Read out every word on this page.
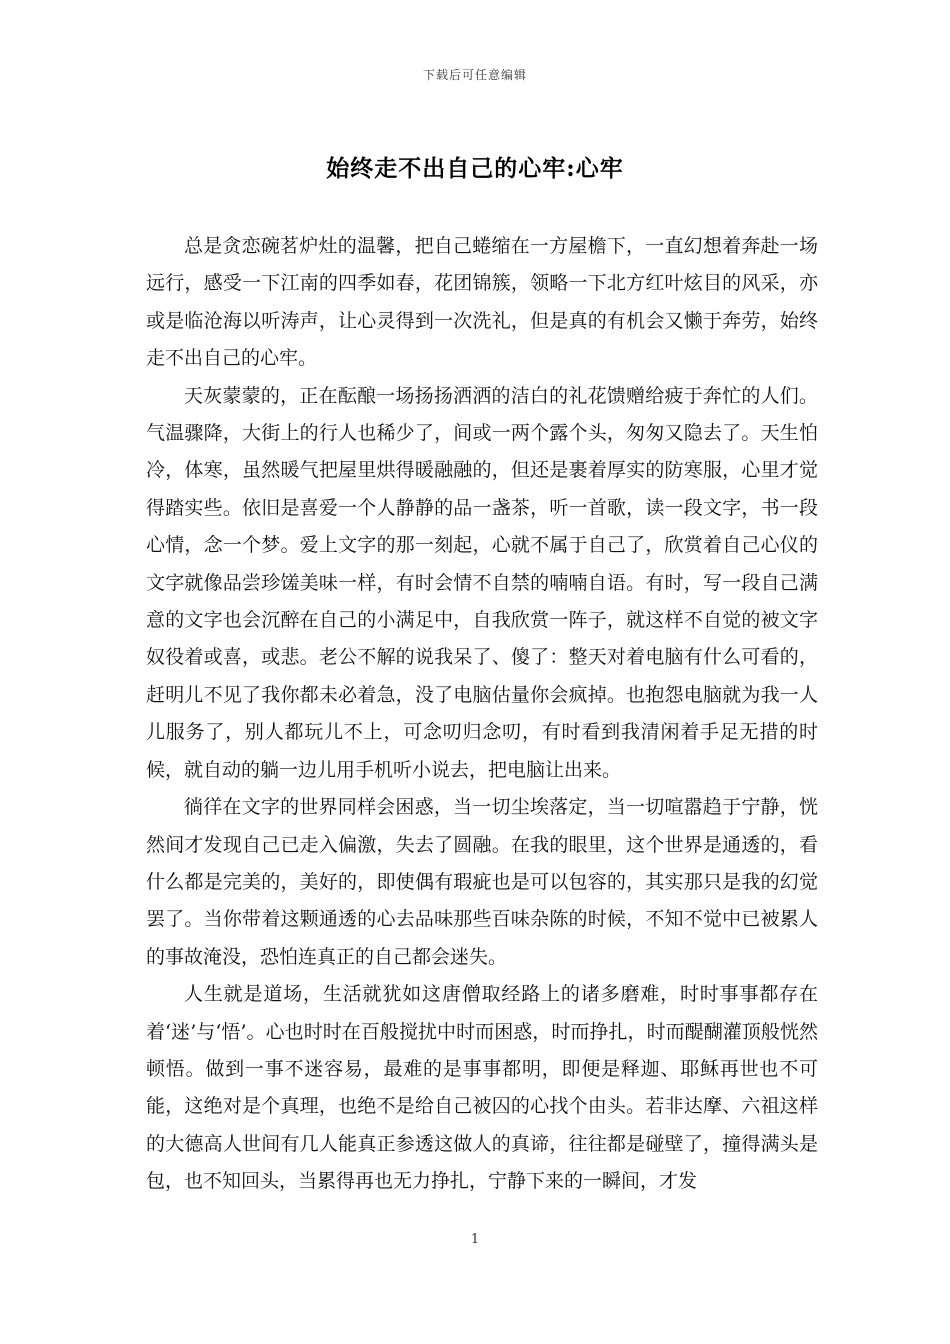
下载后可任意编辑
始终走不出自己的心牢:心牢

总是贪恋碗茗炉灶的温馨，把自己蜷缩在一方屋檐下，一直幻想着奔赴一场远行，感受一下江南的四季如春，花团锦簇，领略一下北方红叶炫目的风采，亦或是临沧海以听涛声，让心灵得到一次洗礼，但是真的有机会又懒于奔劳，始终走不出自己的心牢。

天灰蒙蒙的，正在酝酿一场扬扬洒洒的洁白的礼花馈赠给疲于奔忙的人们。气温骤降，大街上的行人也稀少了，间或一两个露个头，匆匆又隐去了。天生怕冷，体寒，虽然暖气把屋里烘得暖融融的，但还是裹着厚实的防寒服，心里才觉得踏实些。依旧是喜爱一个人静静的品一盏茶，听一首歌，读一段文字，书一段心情，念一个梦。爱上文字的那一刻起，心就不属于自己了，欣赏着自己心仪的文字就像品尝珍馐美味一样，有时会情不自禁的喃喃自语。有时，写一段自己满意的文字也会沉醉在自己的小满足中，自我欣赏一阵子，就这样不自觉的被文字奴役着或喜，或悲。老公不解的说我呆了、傻了：整天对着电脑有什么可看的，赶明儿不见了我你都未必着急，没了电脑估量你会疯掉。也抱怨电脑就为我一人儿服务了，别人都玩儿不上，可念叨归念叨，有时看到我清闲着手足无措的时候，就自动的躺一边儿用手机听小说去，把电脑让出来。

徜徉在文字的世界同样会困惑，当一切尘埃落定，当一切喧嚣趋于宁静，恍然间才发现自己已走入偏激，失去了圆融。在我的眼里，这个世界是通透的，看什么都是完美的，美好的，即使偶有瑕疵也是可以包容的，其实那只是我的幻觉罢了。当你带着这颗通透的心去品味那些百味杂陈的时候，不知不觉中已被累人的事故淹没，恐怕连真正的自己都会迷失。

人生就是道场，生活就犹如这唐僧取经路上的诸多磨难，时时事事都存在着‘迷’与‘悟’。心也时时在百般搅扰中时而困惑，时而挣扎，时而醍醐灌顶般恍然顿悟。做到一事不迷容易，最难的是事事都明，即便是释迦、耶稣再世也不可能，这绝对是个真理，也绝不是给自己被囚的心找个由头。若非达摩、六祖这样的大德高人世间有几人能真正参透这做人的真谛，往往都是碰壁了，撞得满头是包，也不知回头，当累得再也无力挣扎，宁静下来的一瞬间，才发

1
